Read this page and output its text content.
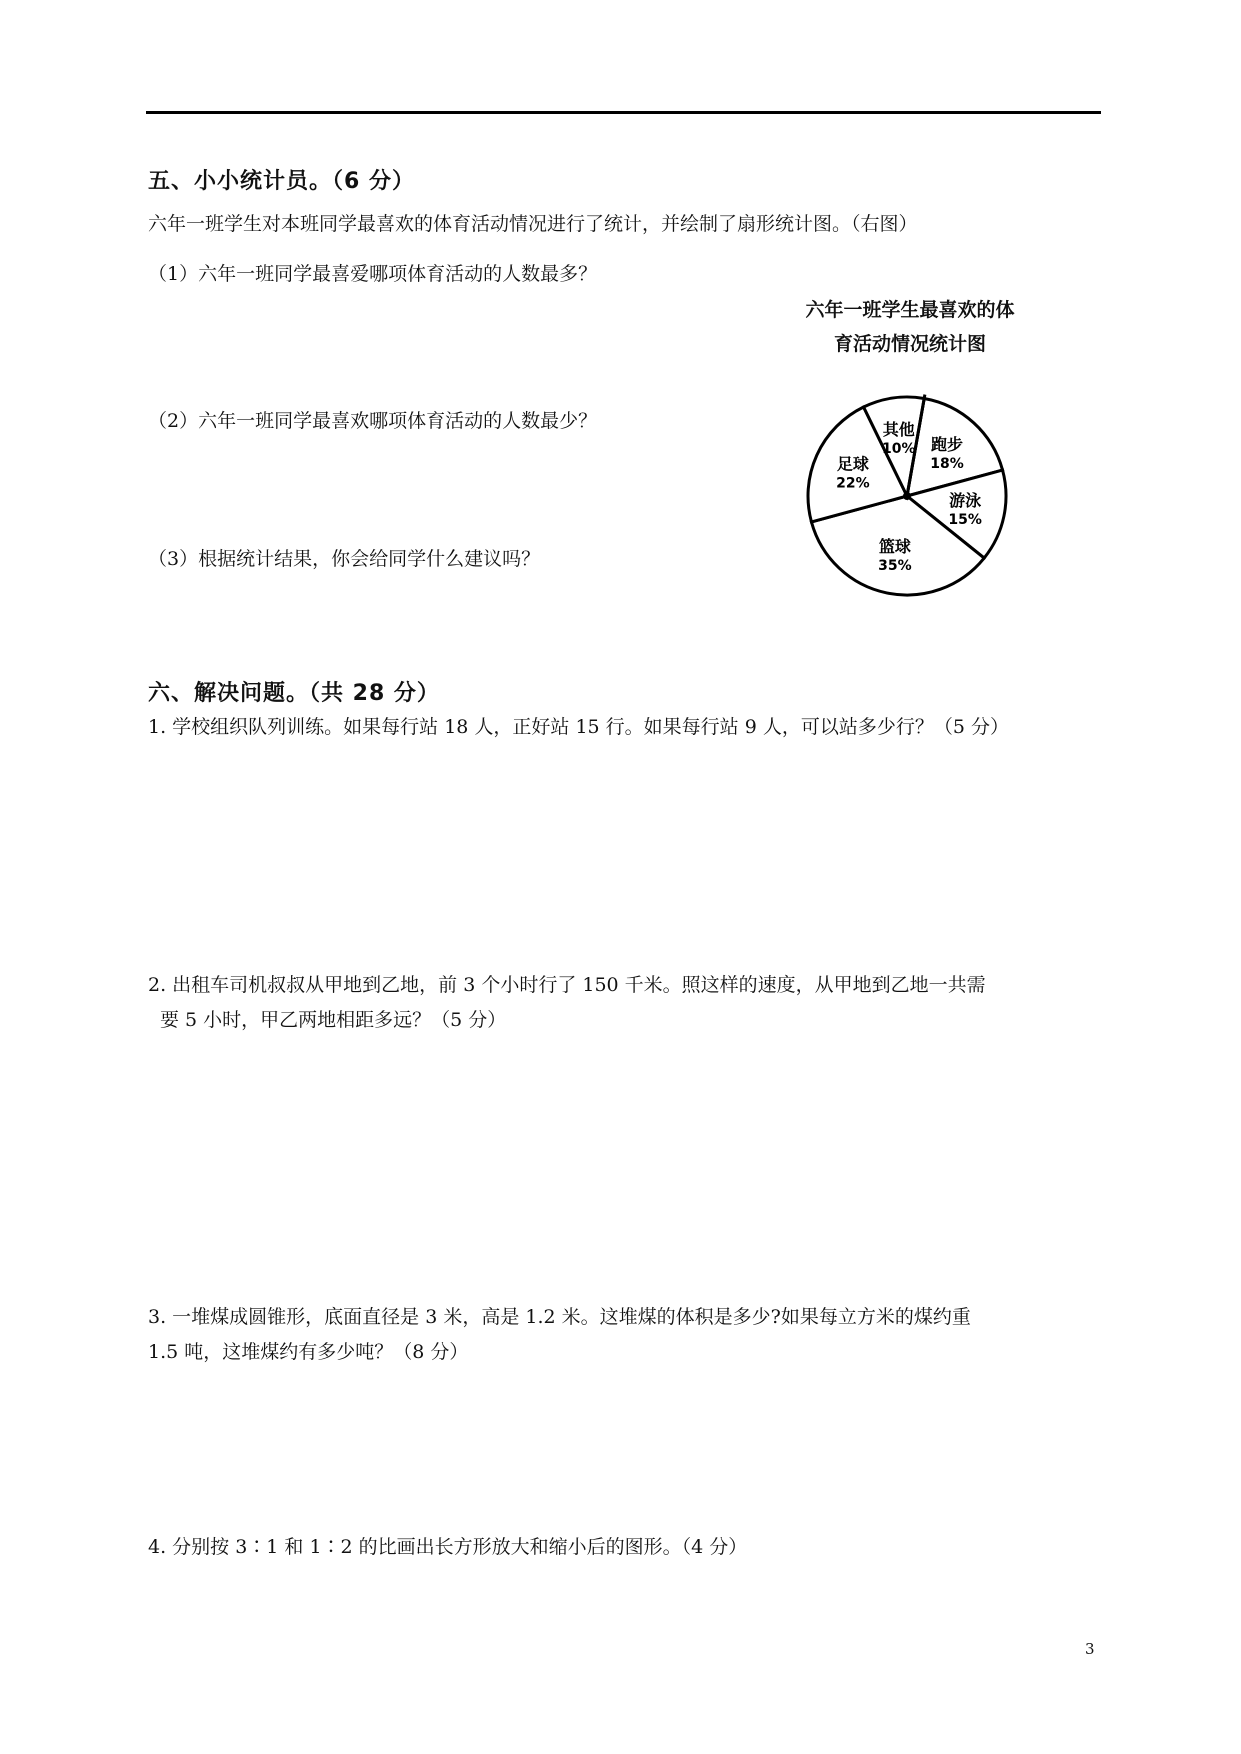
五、小小统计员。（6 分）
六年一班学生对本班同学最喜欢的体育活动情况进行了统计，并绘制了扇形统计图。（右图）
（1）六年一班同学最喜爱哪项体育活动的人数最多？
（2）六年一班同学最喜欢哪项体育活动的人数最少？
（3）根据统计结果，你会给同学什么建议吗？
六年一班学生最喜欢的体
育活动情况统计图
跑步
18%
游泳
15%
篮球
35%
足球
22%
其他
10%
六、解决问题。（共 28 分）
1. 学校组织队列训练。如果每行站 18 人，正好站 15 行。如果每行站 9 人，可以站多少行？（5 分）
2. 出租车司机叔叔从甲地到乙地，前 3 个小时行了 150 千米。照这样的速度，从甲地到乙地一共需
要 5 小时，甲乙两地相距多远？（5 分）
3. 一堆煤成圆锥形，底面直径是 3 米，高是 1.2 米。这堆煤的体积是多少?如果每立方米的煤约重
1.5 吨，这堆煤约有多少吨？（8 分）
4. 分别按 3∶1 和 1∶2 的比画出长方形放大和缩小后的图形。（4 分）
3
